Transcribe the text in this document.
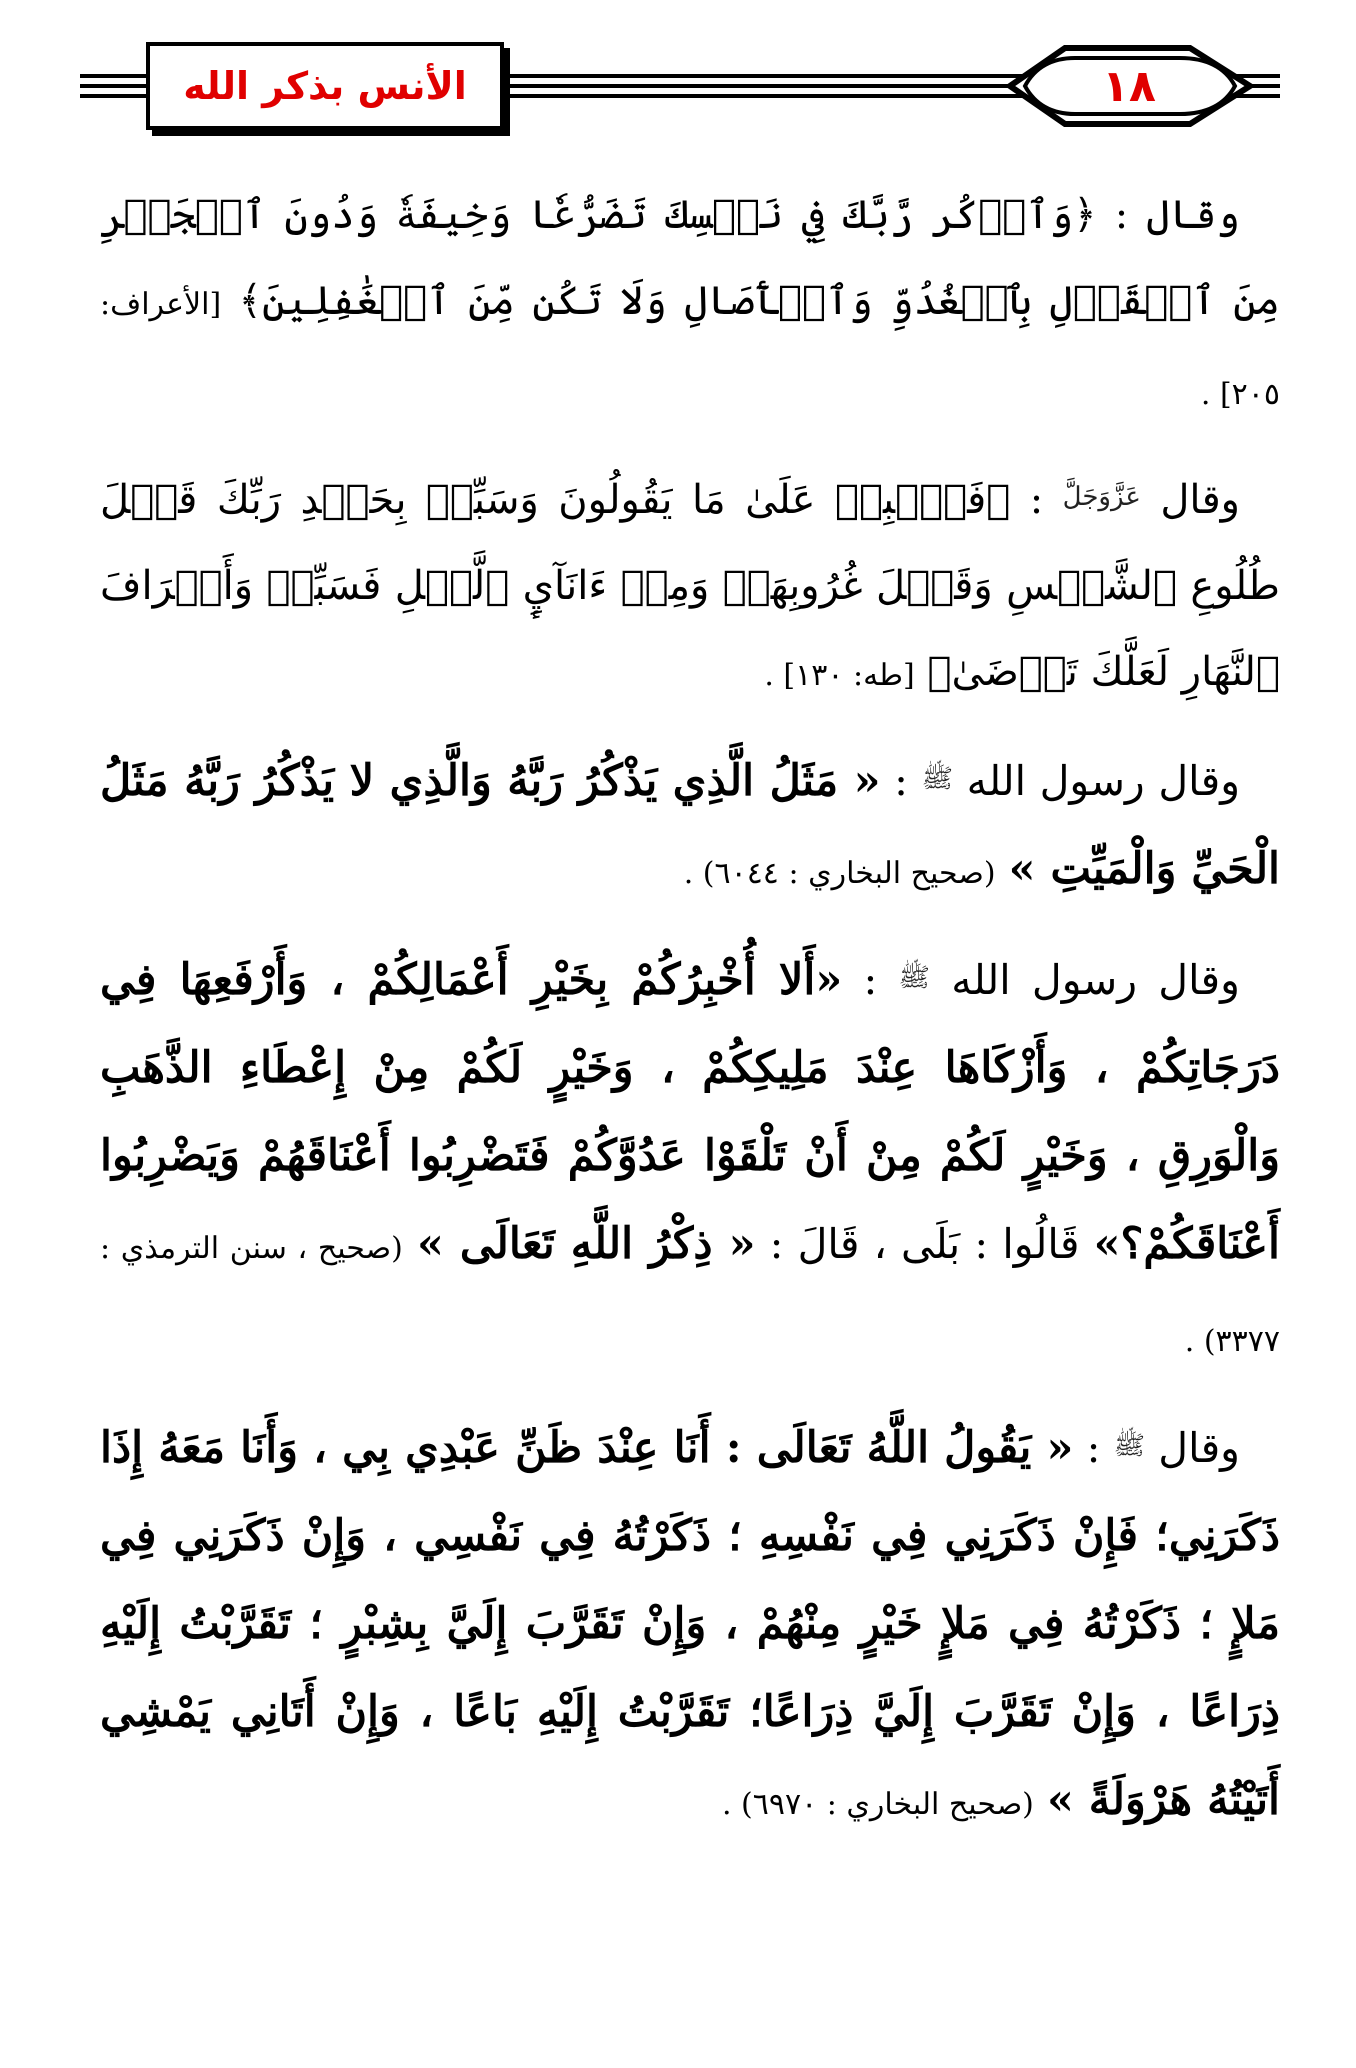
الأنس بذكر الله	١٨

وقال : ﴿وَٱذۡكُر رَّبَّكَ فِي نَفۡسِكَ تَضَرُّعٗا وَخِيفَةٗ وَدُونَ ٱلۡجَهۡرِ مِنَ ٱلۡقَوۡلِ بِٱلۡغُدُوِّ وَٱلۡأٓصَالِ وَلَا تَكُن مِّنَ ٱلۡغَٰفِلِينَ﴾ [الأعراف: ٢٠٥] .

وقال $^{عَزَّوَجَلَّ}$ : ﴿فَٱصۡبِرۡ عَلَىٰ مَا يَقُولُونَ وَسَبِّحۡ بِحَمۡدِ رَبِّكَ قَبۡلَ طُلُوعِ ٱلشَّمۡسِ وَقَبۡلَ غُرُوبِهَاۖ وَمِنۡ ءَانَآيِٕ ٱلَّيۡلِ فَسَبِّحۡ وَأَطۡرَافَ ٱلنَّهَارِ لَعَلَّكَ تَرۡضَىٰ﴾ [طه: ١٣٠] .

وقال رسول الله ﷺ : « مَثَلُ الَّذِي يَذْكُرُ رَبَّهُ وَالَّذِي لا يَذْكُرُ رَبَّهُ مَثَلُ الْحَيِّ وَالْمَيِّتِ » (صحيح البخاري : ٦٠٤٤) .

وقال رسول الله ﷺ : «أَلا أُخْبِرُكُمْ بِخَيْرِ أَعْمَالِكُمْ ، وَأَرْفَعِهَا فِي دَرَجَاتِكُمْ ، وَأَزْكَاهَا عِنْدَ مَلِيكِكُمْ ، وَخَيْرٍ لَكُمْ مِنْ إِعْطَاءِ الذَّهَبِ وَالْوَرِقِ ، وَخَيْرٍ لَكُمْ مِنْ أَنْ تَلْقَوْا عَدُوَّكُمْ فَتَضْرِبُوا أَعْنَاقَهُمْ وَيَضْرِبُوا أَعْنَاقَكُمْ؟» قَالُوا : بَلَى ، قَالَ : « ذِكْرُ اللَّهِ تَعَالَى » (صحيح ، سنن الترمذي : ٣٣٧٧) .

وقال ﷺ : « يَقُولُ اللَّهُ تَعَالَى : أَنَا عِنْدَ ظَنِّ عَبْدِي بِي ، وَأَنَا مَعَهُ إِذَا ذَكَرَنِي؛ فَإِنْ ذَكَرَنِي فِي نَفْسِهِ ؛ ذَكَرْتُهُ فِي نَفْسِي ، وَإِنْ ذَكَرَنِي فِي مَلإٍ ؛ ذَكَرْتُهُ فِي مَلإٍ خَيْرٍ مِنْهُمْ ، وَإِنْ تَقَرَّبَ إِلَيَّ بِشِبْرٍ ؛ تَقَرَّبْتُ إِلَيْهِ ذِرَاعًا ، وَإِنْ تَقَرَّبَ إِلَيَّ ذِرَاعًا؛ تَقَرَّبْتُ إِلَيْهِ بَاعًا ، وَإِنْ أَتَانِي يَمْشِي أَتَيْتُهُ هَرْوَلَةً » (صحيح البخاري : ٦٩٧٠) .
